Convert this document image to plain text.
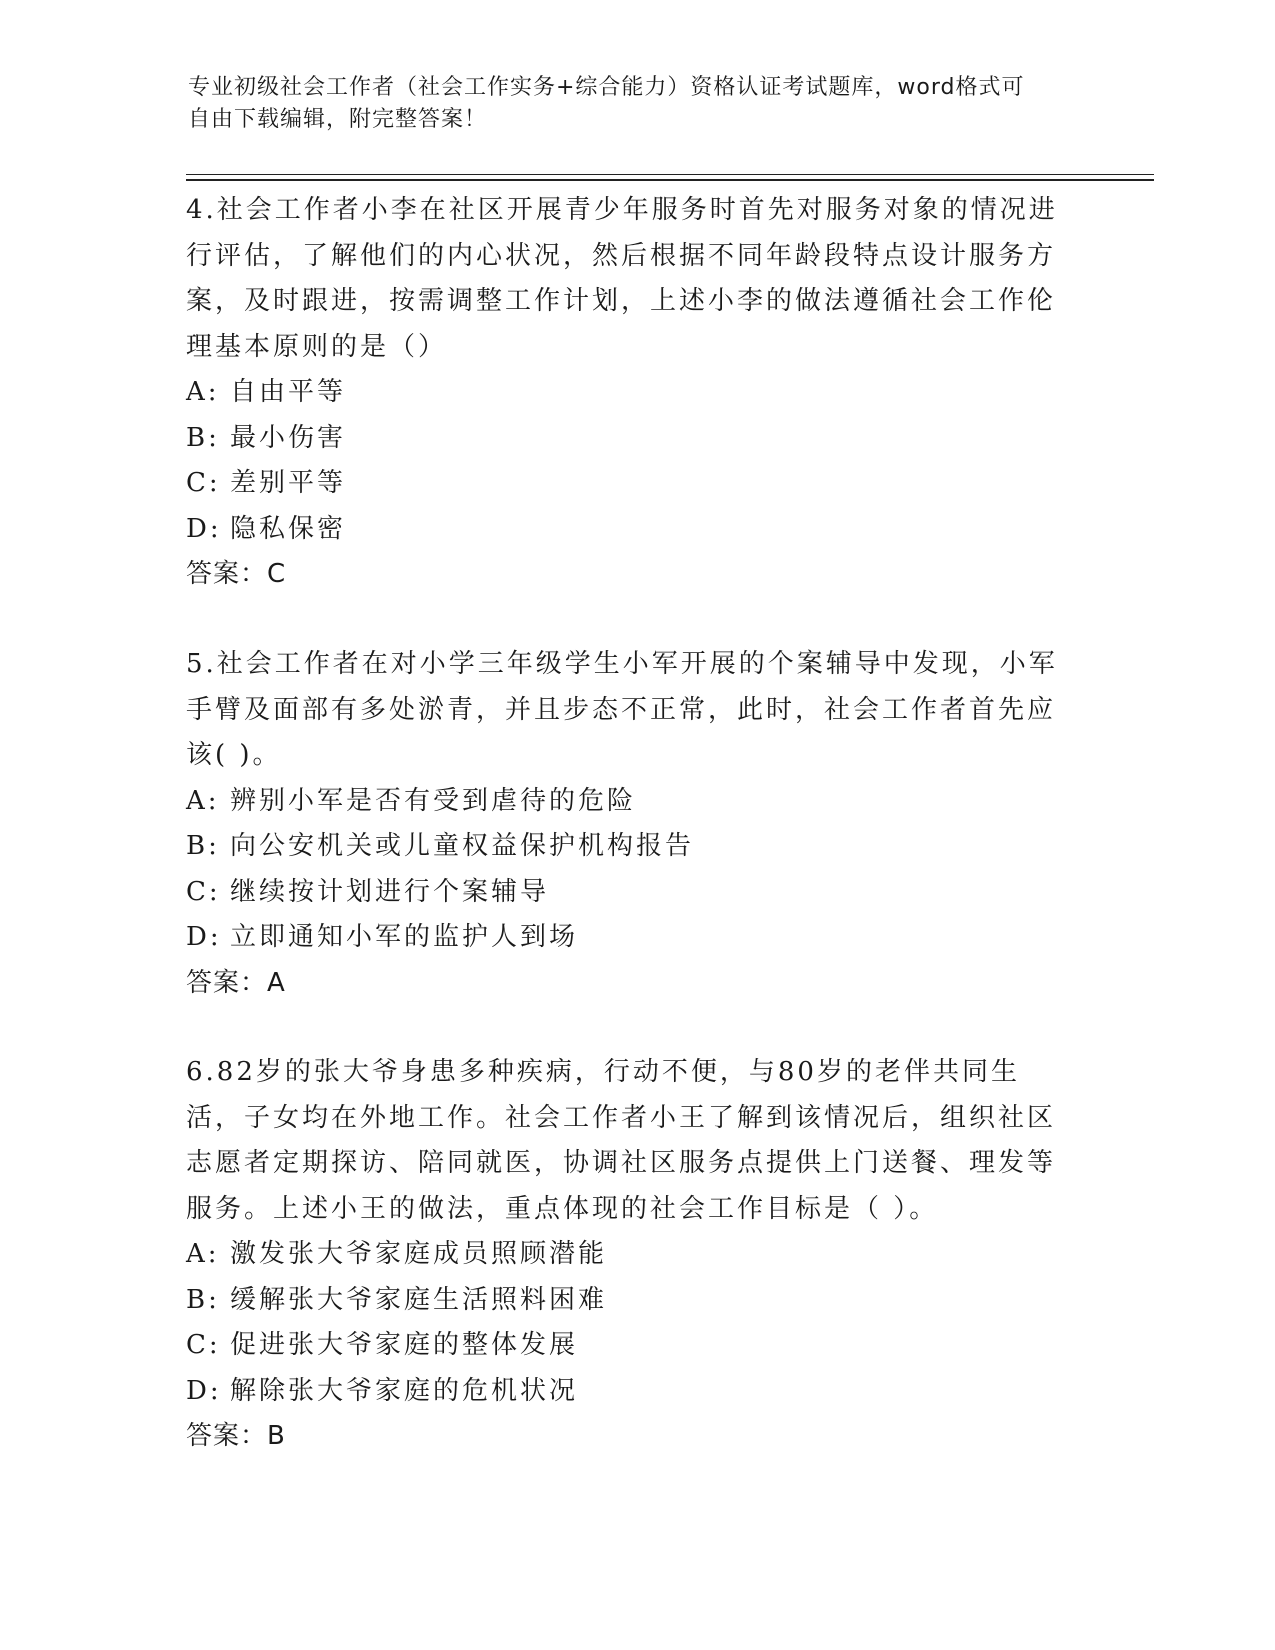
专业初级社会工作者（社会工作实务+综合能力）资格认证考试题库，word格式可
自由下载编辑，附完整答案！

4.社会工作者小李在社区开展青少年服务时首先对服务对象的情况进行评估，了解他们的内心状况，然后根据不同年龄段特点设计服务方案，及时跟进，按需调整工作计划，上述小李的做法遵循社会工作伦理基本原则的是（）

A: 自由平等

B: 最小伤害

C: 差别平等

D: 隐私保密

答案：C

5.社会工作者在对小学三年级学生小军开展的个案辅导中发现，小军手臂及面部有多处淤青，并且步态不正常，此时，社会工作者首先应该( )。

A: 辨别小军是否有受到虐待的危险

B: 向公安机关或儿童权益保护机构报告

C: 继续按计划进行个案辅导

D: 立即通知小军的监护人到场

答案：A

6.82岁的张大爷身患多种疾病，行动不便，与80岁的老伴共同生活，子女均在外地工作。社会工作者小王了解到该情况后，组织社区志愿者定期探访、陪同就医，协调社区服务点提供上门送餐、理发等服务。上述小王的做法，重点体现的社会工作目标是（ ）。

A: 激发张大爷家庭成员照顾潜能

B: 缓解张大爷家庭生活照料困难

C: 促进张大爷家庭的整体发展

D: 解除张大爷家庭的危机状况

答案：B
